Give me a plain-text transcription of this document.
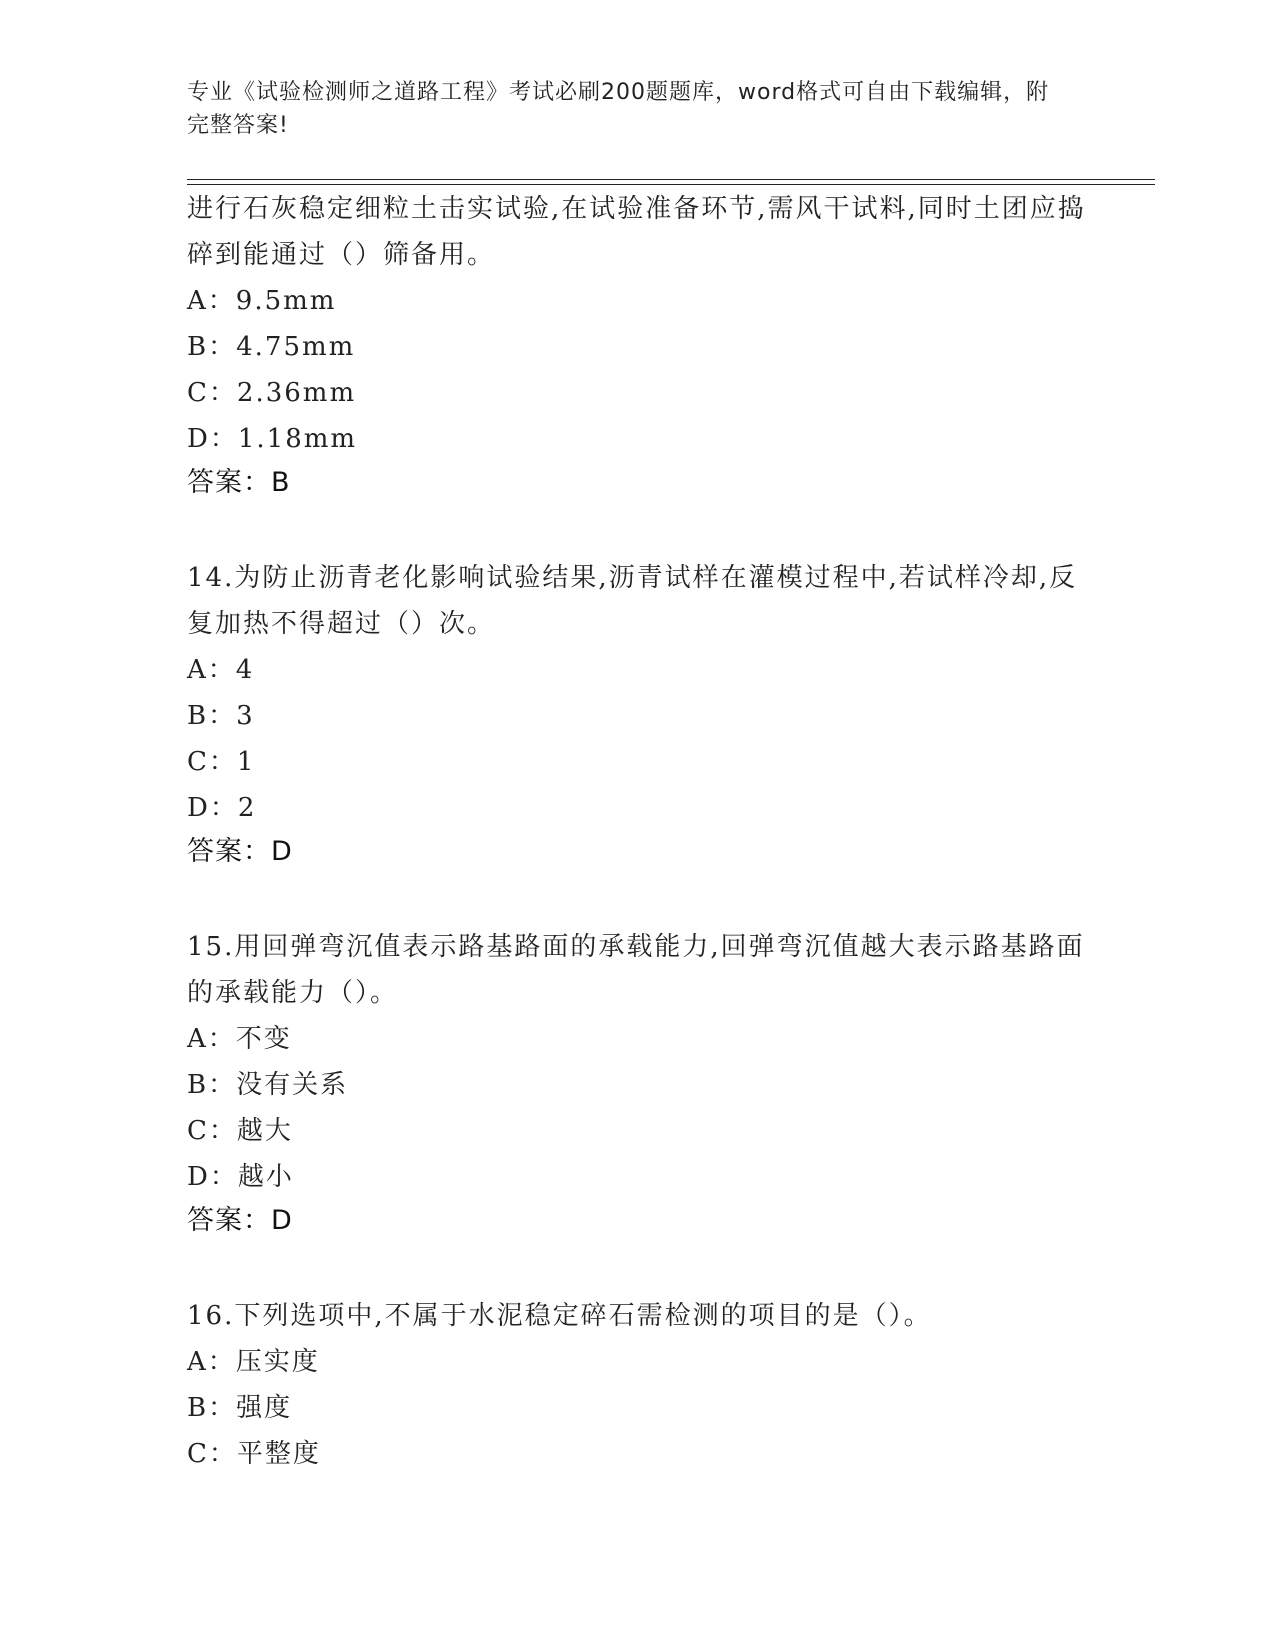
专业《试验检测师之道路工程》考试必刷200题题库，word格式可自由下载编辑，附完整答案!
进行石灰稳定细粒土击实试验,在试验准备环节,需风干试料,同时土团应捣碎到能通过（）筛备用。
A：9.5mm
B：4.75mm
C：2.36mm
D：1.18mm
答案：B
14.为防止沥青老化影响试验结果,沥青试样在灌模过程中,若试样冷却,反复加热不得超过（）次。
A：4
B：3
C：1
D：2
答案：D
15.用回弹弯沉值表示路基路面的承载能力,回弹弯沉值越大表示路基路面的承载能力（）。
A：不变
B：没有关系
C：越大
D：越小
答案：D
16.下列选项中,不属于水泥稳定碎石需检测的项目的是（）。
A：压实度
B：强度
C：平整度
